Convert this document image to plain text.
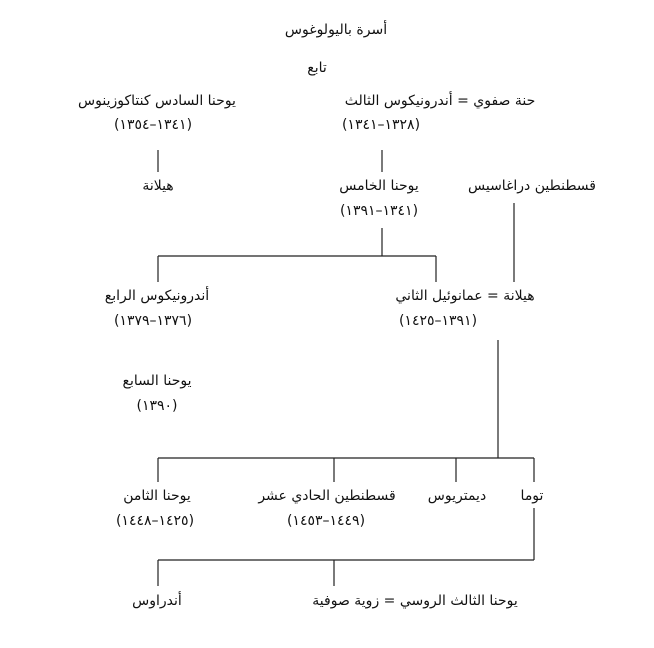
أسرة باليولوغوس
تابع
حنة صفوي = أندرونيكوس الثالث
(١٣٢٨–١٣٤١)
يوحنا السادس كنتاكوزينوس
(١٣٤١–١٣٥٤)
هيلانة	يوحنا الخامس
(١٣٤١–١٣٩١)
قسطنطين دراغاسيس
أندرونيكوس الرابع
(١٣٧٦–١٣٧٩)
هيلانة = عمانوئيل الثاني
(١٣٩١–١٤٢٥)
يوحنا السابع
(١٣٩٠)
يوحنا الثامن
(١٤٢٥–١٤٤٨)
قسطنطين الحادي عشر
(١٤٤٩–١٤٥٣)
ديمتريوس توما
أندراوس	يوحنا الثالث الروسي = زوية صوفية
